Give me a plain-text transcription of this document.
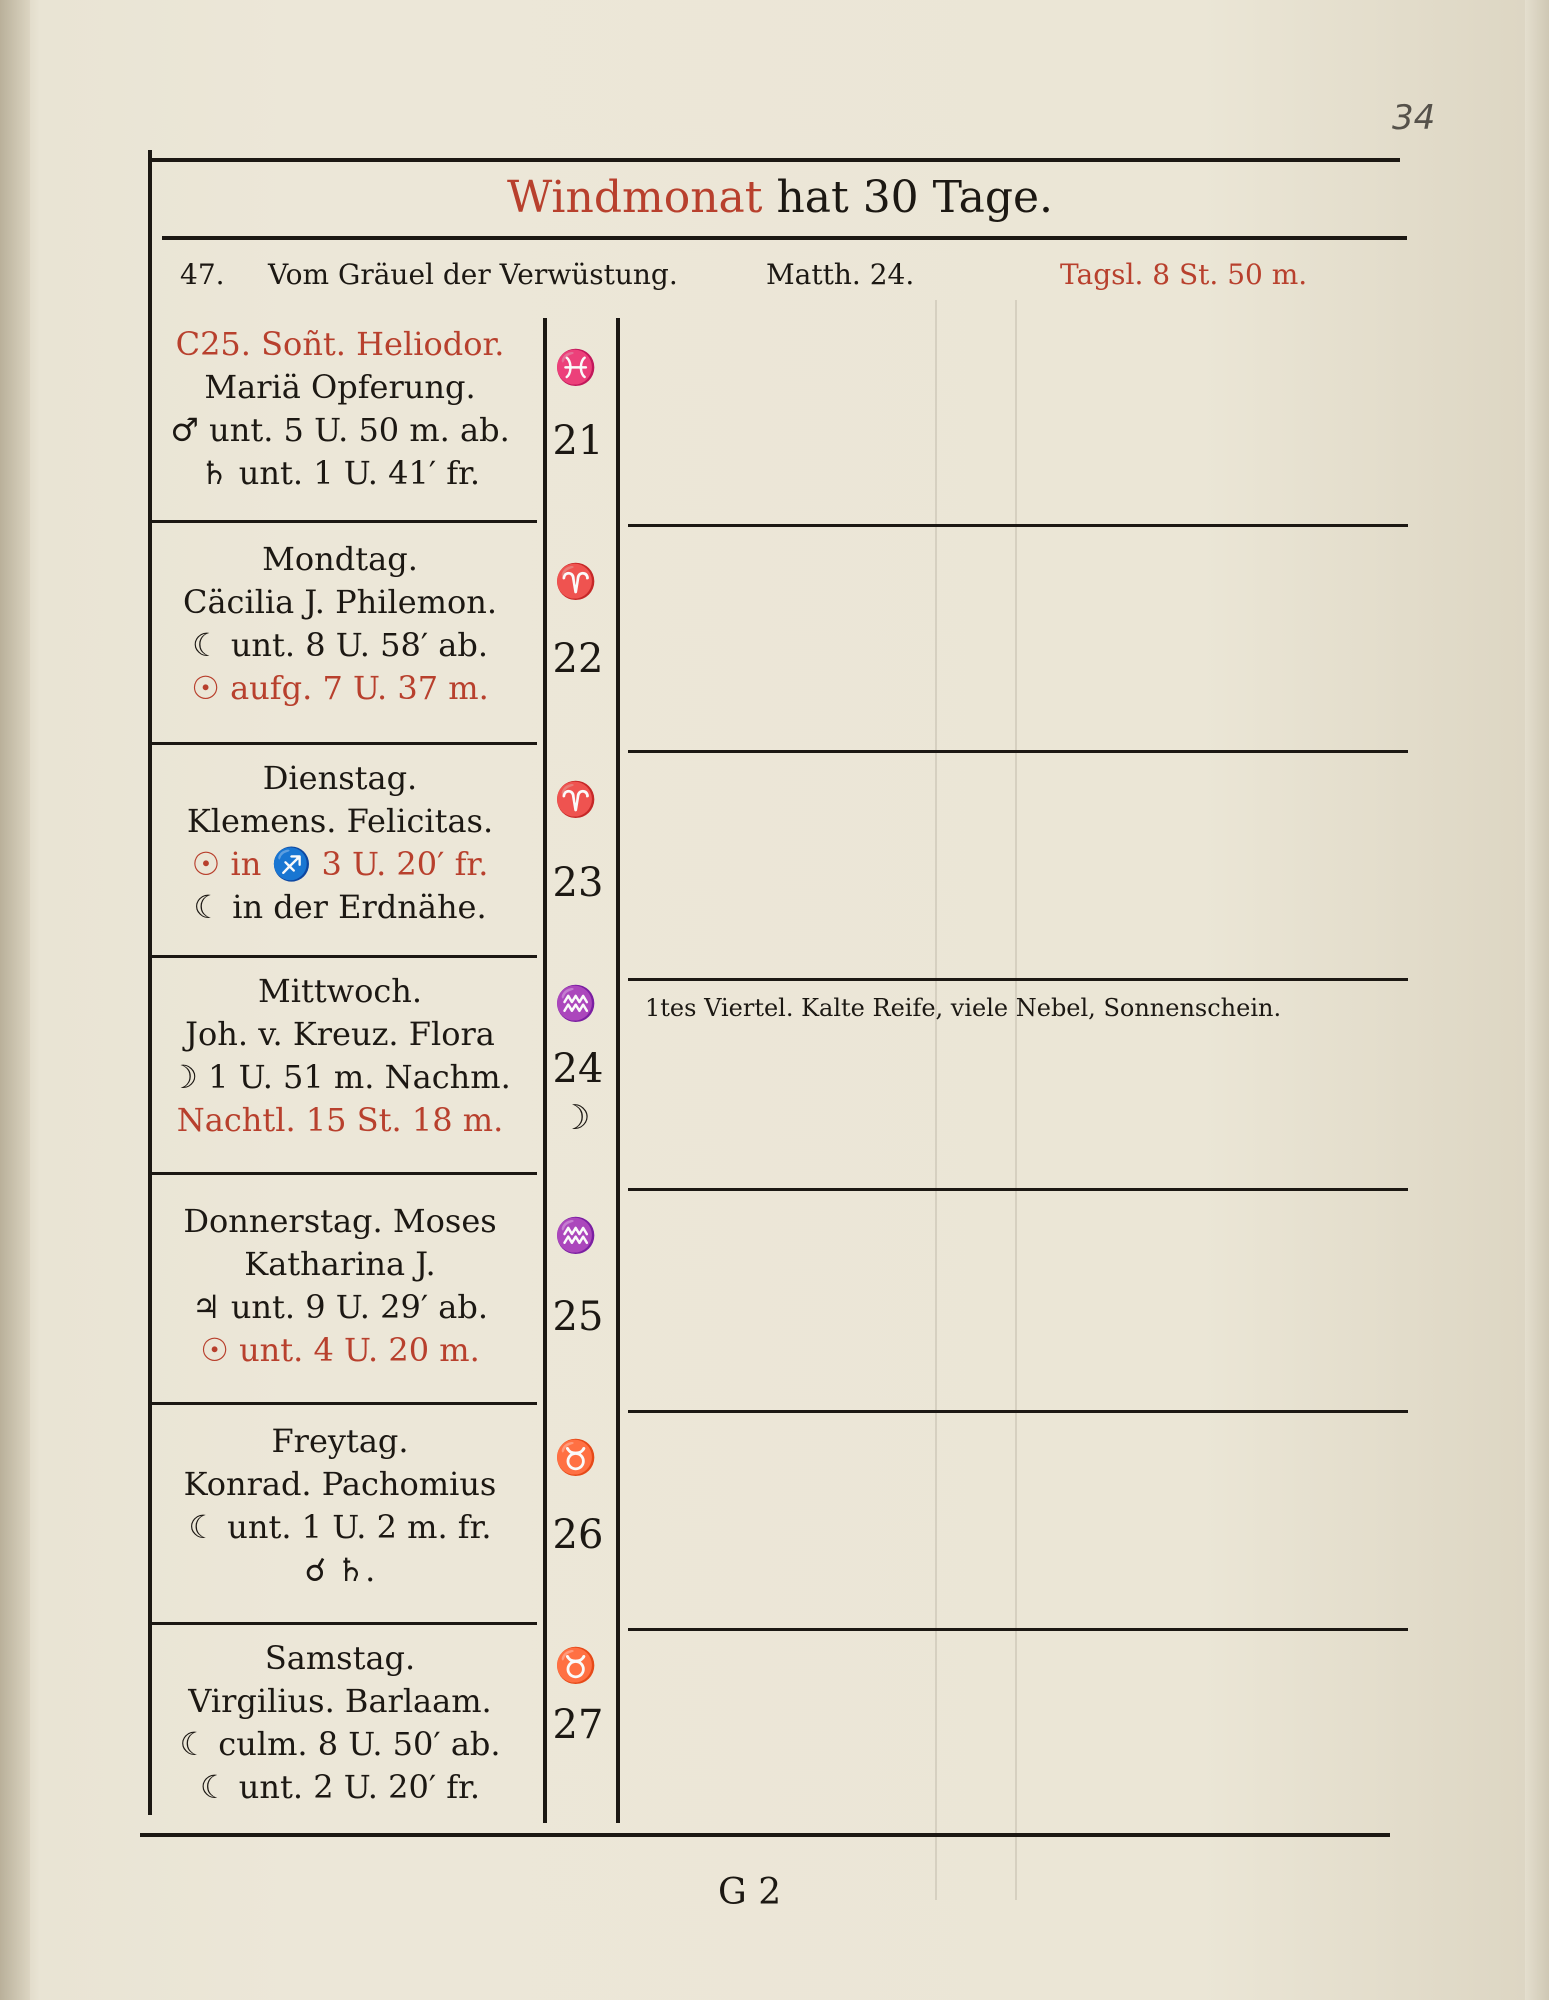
34
Windmonat hat 30 Tage.
47. Vom Gräuel der Verwüstung.	Matth. 24.	Tagsl. 8 St. 50 m.
C25. Soñt. Heliodor.
Mariä Opferung.
♂ unt. 5 U. 50 m. ab.
♄ unt. 1 U. 41′ fr.
♓
21
Mondtag.
Cäcilia J. Philemon.
☾ unt. 8 U. 58′ ab.
☉ aufg. 7 U. 37 m.
♈
22
Dienstag.
Klemens. Felicitas.
☉ in ♐ 3 U. 20′ fr.
☾ in der Erdnähe.
♈
23
Mittwoch.
Joh. v. Kreuz. Flora
☽ 1 U. 51 m. Nachm.
Nachtl. 15 St. 18 m.
♒
24
☽
1tes Viertel. Kalte Reife, viele Nebel, Sonnenschein.
Donnerstag. Moses
Katharina J.
♃ unt. 9 U. 29′ ab.
☉ unt. 4 U. 20 m.
♒
25
Freytag.
Konrad. Pachomius
☾ unt. 1 U. 2 m. fr.
☌ ♄.
♉
26
Samstag.
Virgilius. Barlaam.
☾ culm. 8 U. 50′ ab.
☾ unt. 2 U. 20′ fr.
♉
27
G 2
